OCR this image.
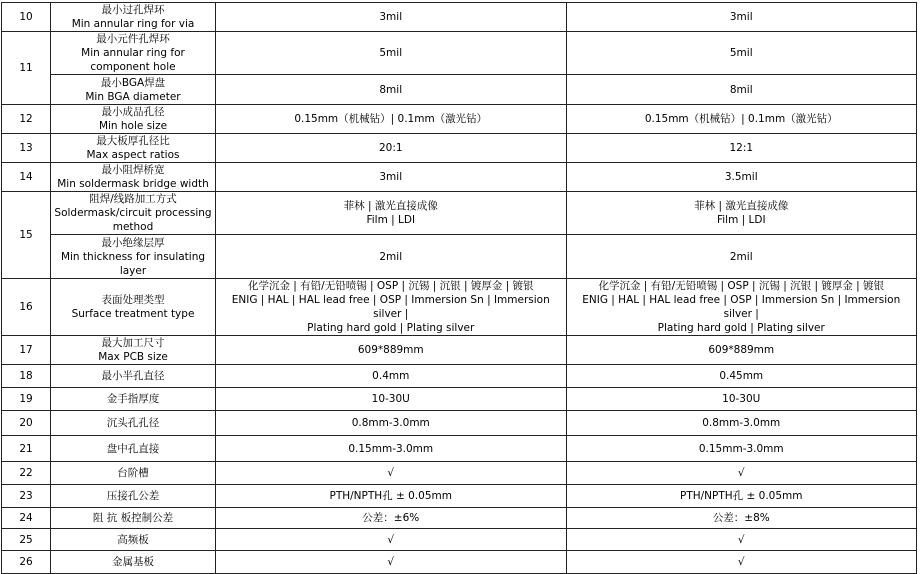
10	最小过孔焊环
Min annular ring for via	3mil	3mil

11	最小元件孔焊环
Min annular ring for
component hole	5mil	5mil

	最小BGA焊盘
Min BGA diameter	8mil	8mil

12	最小成品孔径
Min hole size	0.15mm（机械钻）| 0.1mm（激光钻）	0.15mm（机械钻）| 0.1mm（激光钻）

13	最大板厚孔径比
Max aspect ratios	20:1	12:1

14	最小阻焊桥宽
Min soldermask bridge width	3mil	3.5mil

15	阻焊/线路加工方式
Soldermask/circuit processing
method	菲林 | 激光直接成像
Film | LDI	菲林 | 激光直接成像
Film | LDI

	最小绝缘层厚
Min thickness for insulating
layer	2mil	2mil

16	表面处理类型
Surface treatment type	化学沉金 | 有铅/无铅喷锡 | OSP | 沉锡 | 沉银 | 镀厚金 | 镀银
ENIG | HAL | HAL lead free | OSP | Immersion Sn | Immersion silver |
Plating hard gold | Plating silver	化学沉金 | 有铅/无铅喷锡 | OSP | 沉锡 | 沉银 | 镀厚金 | 镀银
ENIG | HAL | HAL lead free | OSP | Immersion Sn | Immersion silver |
Plating hard gold | Plating silver

17	最大加工尺寸
Max PCB size	609*889mm	609*889mm

18	最小半孔直径	0.4mm	0.45mm

19	金手指厚度	10-30U	10-30U

20	沉头孔孔径	0.8mm-3.0mm	0.8mm-3.0mm

21	盘中孔直接	0.15mm-3.0mm	0.15mm-3.0mm

22	台阶槽	√	√

23	压接孔公差	PTH/NPTH孔 ± 0.05mm	PTH/NPTH孔 ± 0.05mm

24	阻 抗 板控制公差	公差：±6%	公差：±8%

25	高频板	√	√

26	金属基板	√	√
